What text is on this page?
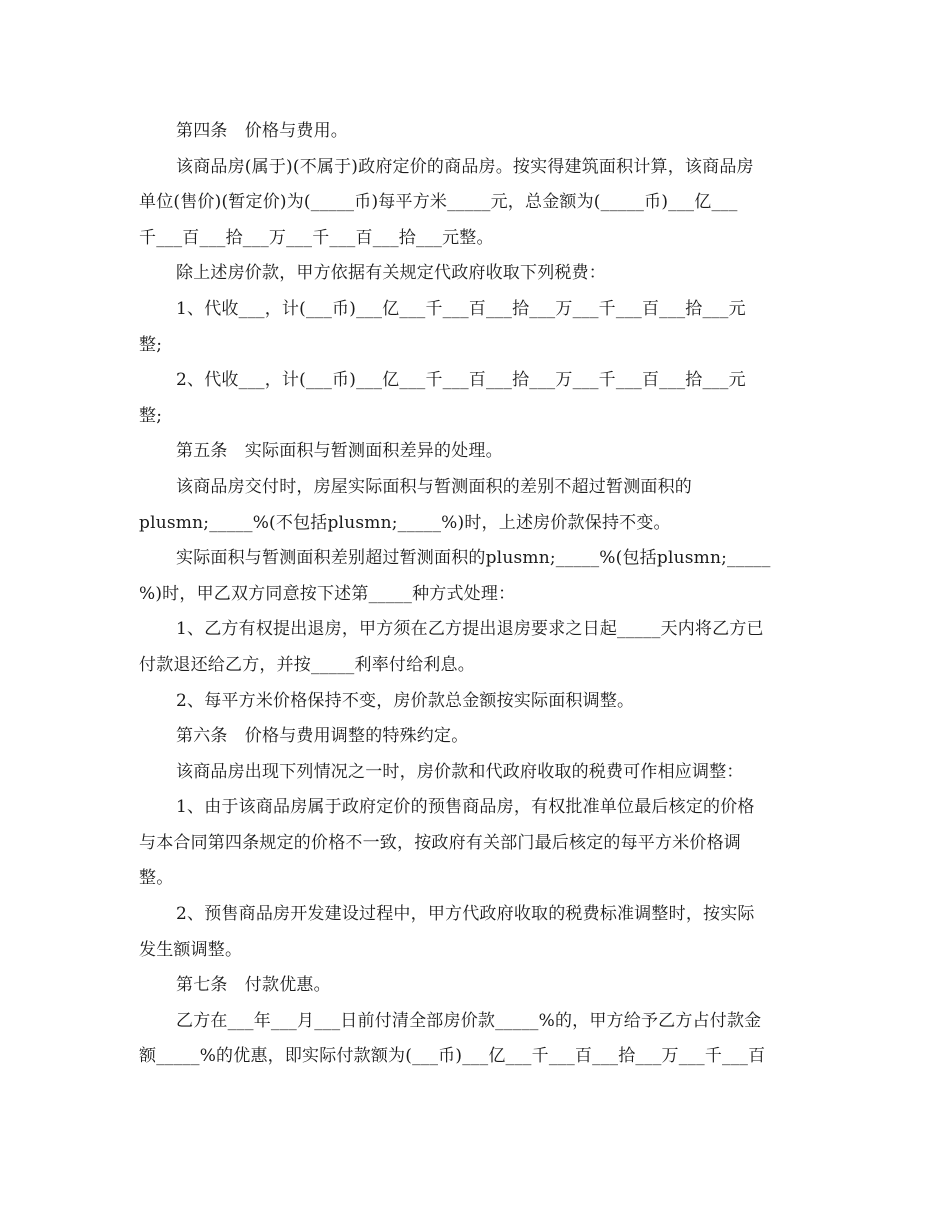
第四条　价格与费用。

该商品房(属于)(不属于)政府定价的商品房。按实得建筑面积计算，该商品房

单位(售价)(暂定价)为(_____币)每平方米_____元，总金额为(_____币)___亿___

千___百___拾___万___千___百___拾___元整。

除上述房价款，甲方依据有关规定代政府收取下列税费：

1、代收___，计(___币)___亿___千___百___拾___万___千___百___拾___元

整;

2、代收___，计(___币)___亿___千___百___拾___万___千___百___拾___元

整;

第五条　实际面积与暂测面积差异的处理。

该商品房交付时，房屋实际面积与暂测面积的差别不超过暂测面积的

plusmn;_____%(不包括plusmn;_____%)时，上述房价款保持不变。

实际面积与暂测面积差别超过暂测面积的plusmn;_____%(包括plusmn;_____

%)时，甲乙双方同意按下述第_____种方式处理：

1、乙方有权提出退房，甲方须在乙方提出退房要求之日起_____天内将乙方已

付款退还给乙方，并按_____利率付给利息。

2、每平方米价格保持不变，房价款总金额按实际面积调整。

第六条　价格与费用调整的特殊约定。

该商品房出现下列情况之一时，房价款和代政府收取的税费可作相应调整：

1、由于该商品房属于政府定价的预售商品房，有权批准单位最后核定的价格

与本合同第四条规定的价格不一致，按政府有关部门最后核定的每平方米价格调

整。

2、预售商品房开发建设过程中，甲方代政府收取的税费标准调整时，按实际

发生额调整。

第七条　付款优惠。

乙方在___年___月___日前付清全部房价款_____%的，甲方给予乙方占付款金

额_____%的优惠，即实际付款额为(___币)___亿___千___百___拾___万___千___百
